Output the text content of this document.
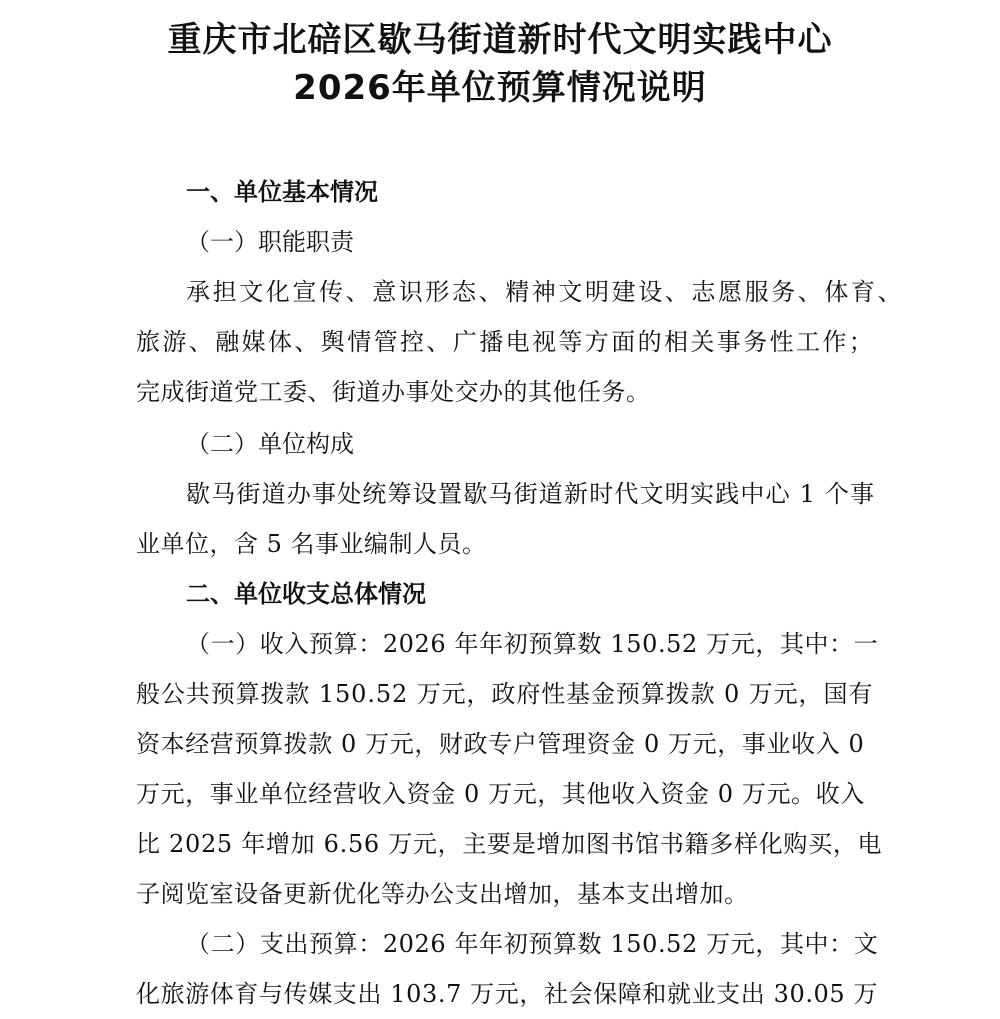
重庆市北碚区歇马街道新时代文明实践中心
2026年单位预算情况说明
一、单位基本情况
（一）职能职责
承担文化宣传、意识形态、精神文明建设、志愿服务、体育、
旅游、融媒体、舆情管控、广播电视等方面的相关事务性工作；
完成街道党工委、街道办事处交办的其他任务。
（二）单位构成
歇马街道办事处统筹设置歇马街道新时代文明实践中心 1 个事
业单位，含 5 名事业编制人员。
二、单位收支总体情况
（一）收入预算：2026 年年初预算数 150.52 万元，其中：一
般公共预算拨款 150.52 万元，政府性基金预算拨款 0 万元，国有
资本经营预算拨款 0 万元，财政专户管理资金 0 万元，事业收入 0
万元，事业单位经营收入资金 0 万元，其他收入资金 0 万元。收入
比 2025 年增加 6.56 万元，主要是增加图书馆书籍多样化购买，电
子阅览室设备更新优化等办公支出增加，基本支出增加。
（二）支出预算：2026 年年初预算数 150.52 万元，其中：文
化旅游体育与传媒支出 103.7 万元，社会保障和就业支出 30.05 万
